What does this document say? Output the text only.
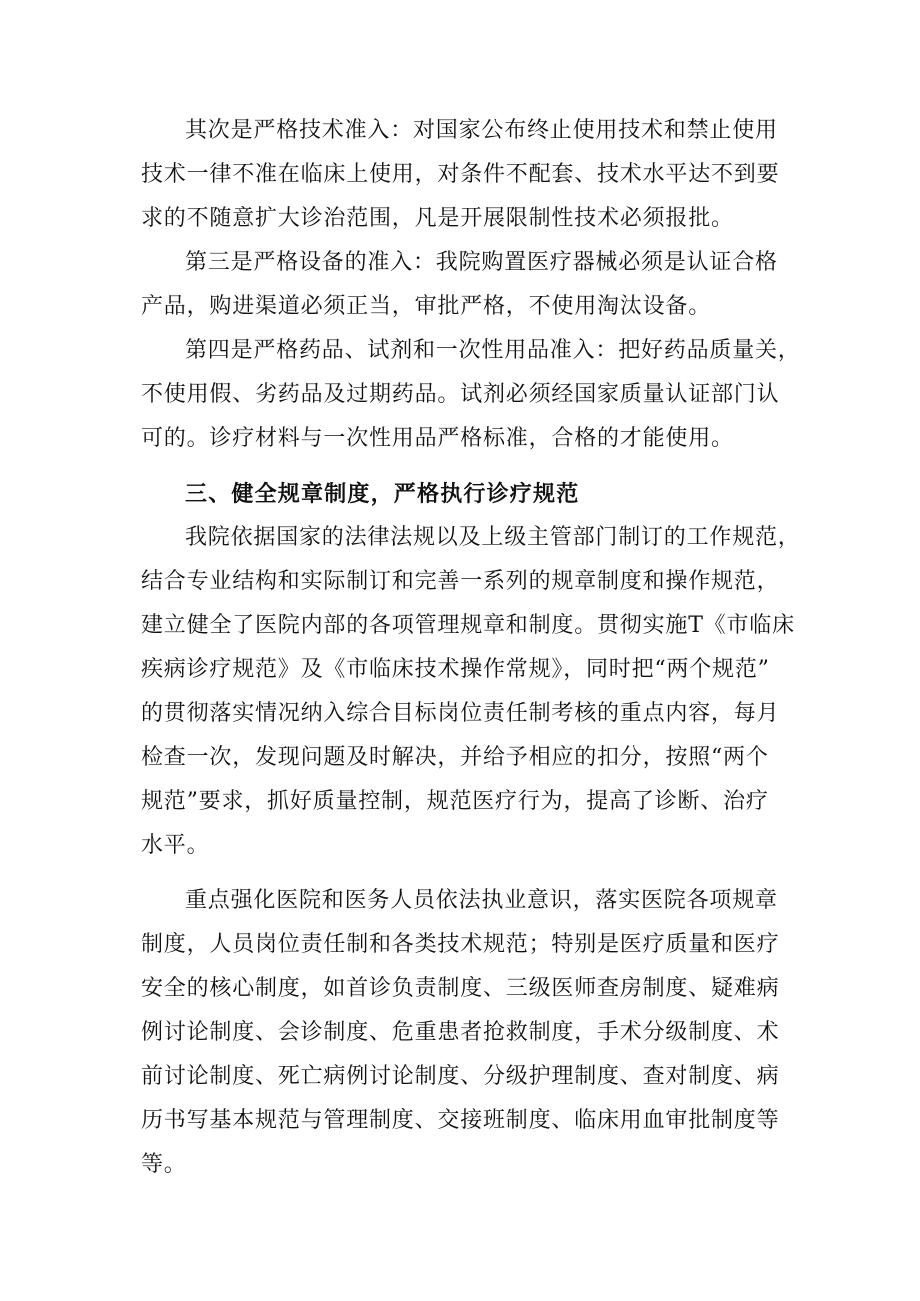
其次是严格技术准入：对国家公布终止使用技术和禁止使用
技术一律不准在临床上使用，对条件不配套、技术水平达不到要
求的不随意扩大诊治范围，凡是开展限制性技术必须报批。
第三是严格设备的准入：我院购置医疗器械必须是认证合格
产品，购进渠道必须正当，审批严格，不使用淘汰设备。
第四是严格药品、试剂和一次性用品准入：把好药品质量关，
不使用假、劣药品及过期药品。试剂必须经国家质量认证部门认
可的。诊疗材料与一次性用品严格标准，合格的才能使用。
三、健全规章制度，严格执行诊疗规范
我院依据国家的法律法规以及上级主管部门制订的工作规范，
结合专业结构和实际制订和完善一系列的规章制度和操作规范，
建立健全了医院内部的各项管理规章和制度。贯彻实施T《市临床
疾病诊疗规范》及《市临床技术操作常规》，同时把“两个规范”
的贯彻落实情况纳入综合目标岗位责任制考核的重点内容，每月
检查一次，发现问题及时解决，并给予相应的扣分，按照“两个
规范”要求，抓好质量控制，规范医疗行为，提高了诊断、治疗
水平。
重点强化医院和医务人员依法执业意识，落实医院各项规章
制度，人员岗位责任制和各类技术规范；特别是医疗质量和医疗
安全的核心制度，如首诊负责制度、三级医师查房制度、疑难病
例讨论制度、会诊制度、危重患者抢救制度，手术分级制度、术
前讨论制度、死亡病例讨论制度、分级护理制度、查对制度、病
历书写基本规范与管理制度、交接班制度、临床用血审批制度等
等。
